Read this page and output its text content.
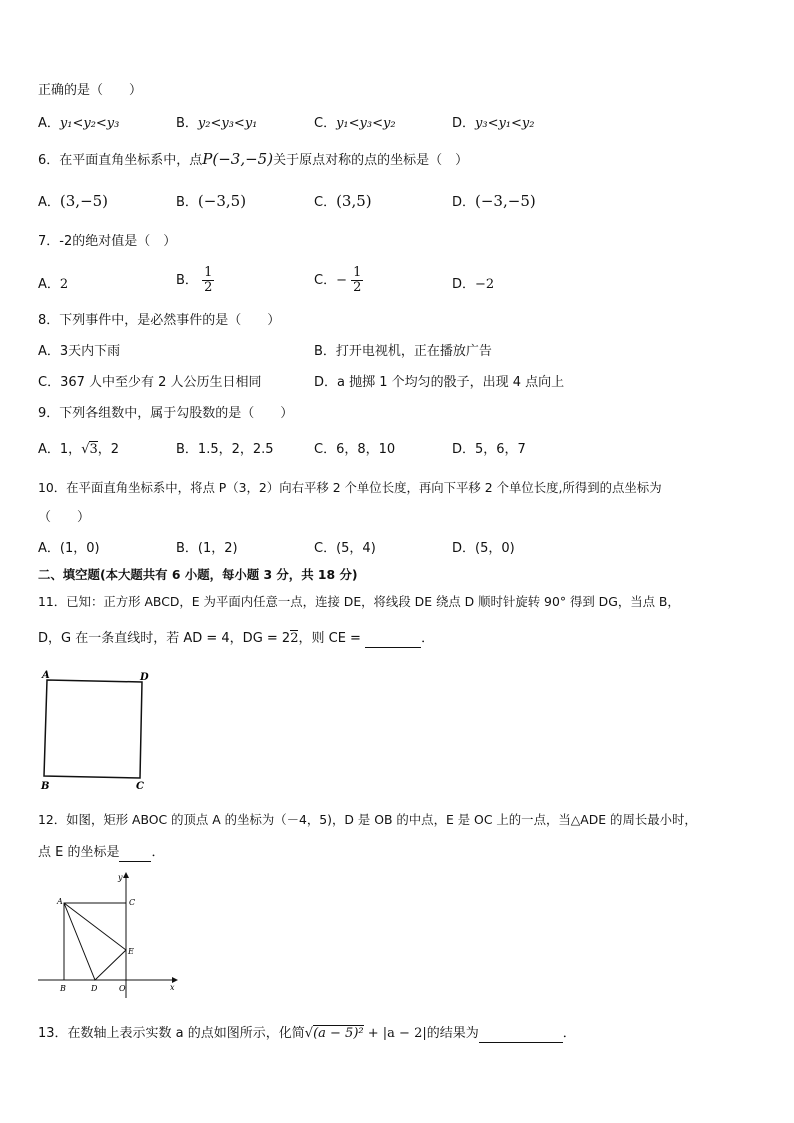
正确的是（　　）
A．y₁<y₂<y₃	B．y₂<y₃<y₁	C．y₁<y₃<y₂	D．y₃<y₁<y₂
6．在平面直角坐标系中，点P(−3,−5)关于原点对称的点的坐标是（　）
A．(3,−5)	B．(−3,5)	C．(3,5)	D．(−3,−5)
7．-2的绝对值是（　）
A．2	B． $\frac{1}{2}$	C．− $\frac{1}{2}$	D．−2
8．下列事件中，是必然事件的是（　　）
A．3天内下雨	B．打开电视机，正在播放广告
C．367 人中至少有 2 人公历生日相同	D．a 抛掷 1 个均匀的骰子，出现 4 点向上
9．下列各组数中，属于勾股数的是（　　）
A．1，√3，2	B．1.5，2，2.5	C．6，8，10	D．5，6，7
10．在平面直角坐标系中，将点 P（3，2）向右平移 2 个单位长度，再向下平移 2 个单位长度,所得到的点坐标为
（　　）
A．(1，0)	B．(1，2)	C．(5，4)	D．(5，0)
二、填空题(本大题共有 6 小题，每小题 3 分，共 18 分)
11．已知：正方形 ABCD，E 为平面内任意一点，连接 DE，将线段 DE 绕点 D 顺时针旋转 90° 得到 DG，当点 B，
D，G 在一条直线时，若 AD = 4，DG = 22，则 CE =	．
A	D
B	C
12．如图，矩形 ABOC 的顶点 A 的坐标为（－4，5)，D 是 OB 的中点，E 是 OC 上的一点，当△ADE 的周长最小时，
点 E 的坐标是 ．
A	C
E
B	D	O	x
y
13．在数轴上表示实数 a 的点如图所示，化简√(a − 5)² + |a − 2|的结果为	．
